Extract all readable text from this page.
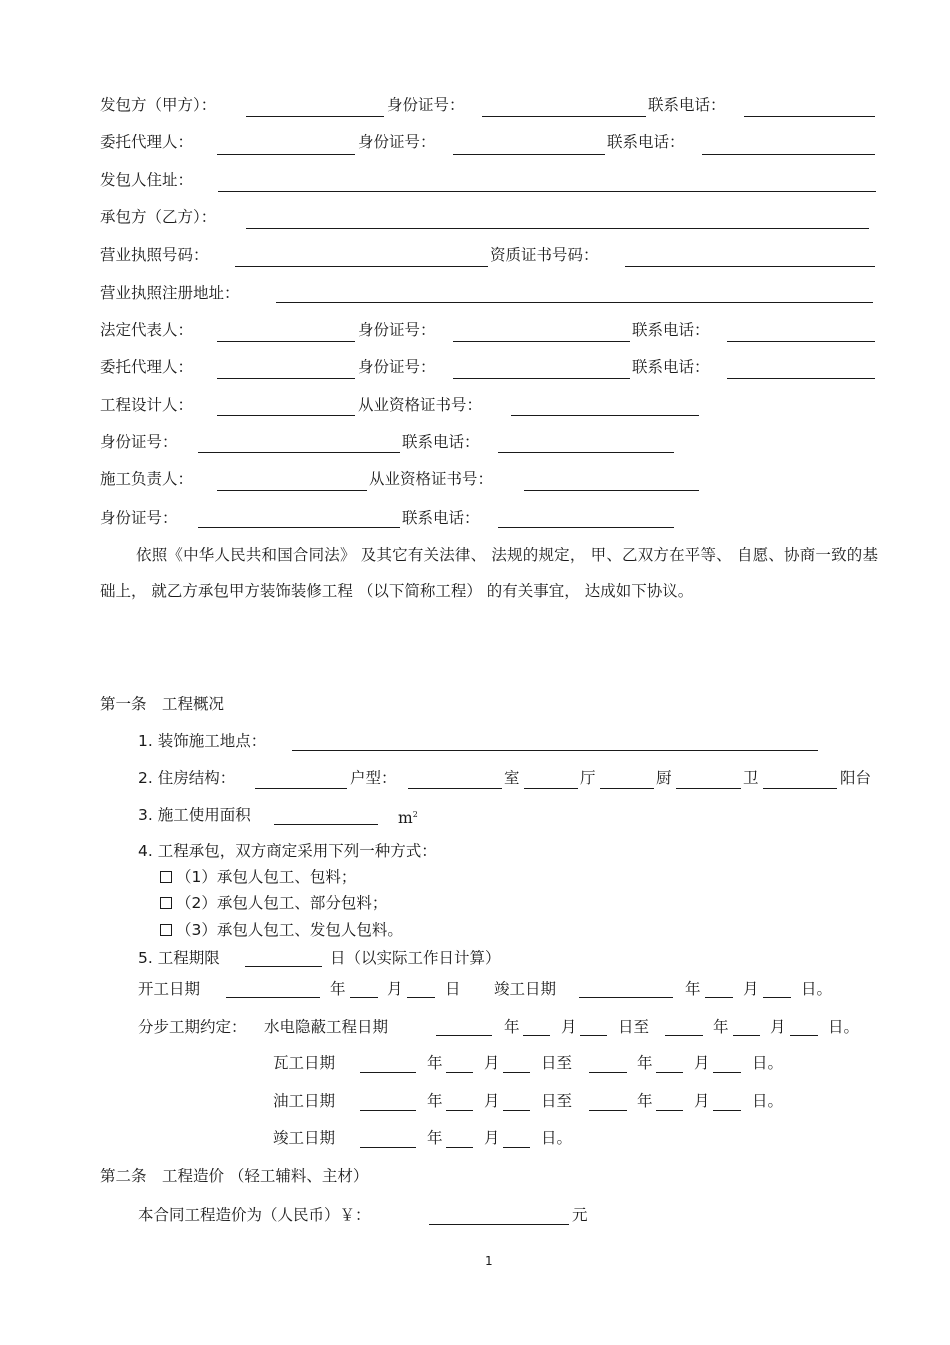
发包方（甲方）：	身份证号：	联系电话：
委托代理人：	身份证号：	联系电话：
发包人住址：
承包方（乙方）：
营业执照号码：	资质证书号码：
营业执照注册地址：
法定代表人：	身份证号：	联系电话：
委托代理人：	身份证号：	联系电话：
工程设计人：	从业资格证书号：
身份证号：	联系电话：
施工负责人：	从业资格证书号：
身份证号：	联系电话：
依照《中华人民共和国合同法》 及其它有关法律、 法规的规定， 甲、乙双方在平等、 自愿、协商一致的基础上， 就乙方承包甲方装饰装修工程 （以下简称工程） 的有关事宜， 达成如下协议。
第一条　工程概况
1. 装饰施工地点：
2. 住房结构：	户型：	室	厅	厨	卫	阳台
3. 施工使用面积	$m^2$
4. 工程承包，双方商定采用下列一种方式：
（1）承包人包工、包料；
（2）承包人包工、部分包料；
（3）承包人包工、发包人包料。
5. 工程期限	日（以实际工作日计算）
开工日期	年	月	日 竣工日期	年	月	日。
分步工期约定： 水电隐蔽工程日期	年	月	日至	年	月	日。
瓦工日期	年	月	日至	年	月	日。
油工日期	年	月	日至	年	月	日。
竣工日期	年	月	日。
第二条　工程造价 （轻工辅料、主材）
本合同工程造价为（人民币）￥：	元
1
